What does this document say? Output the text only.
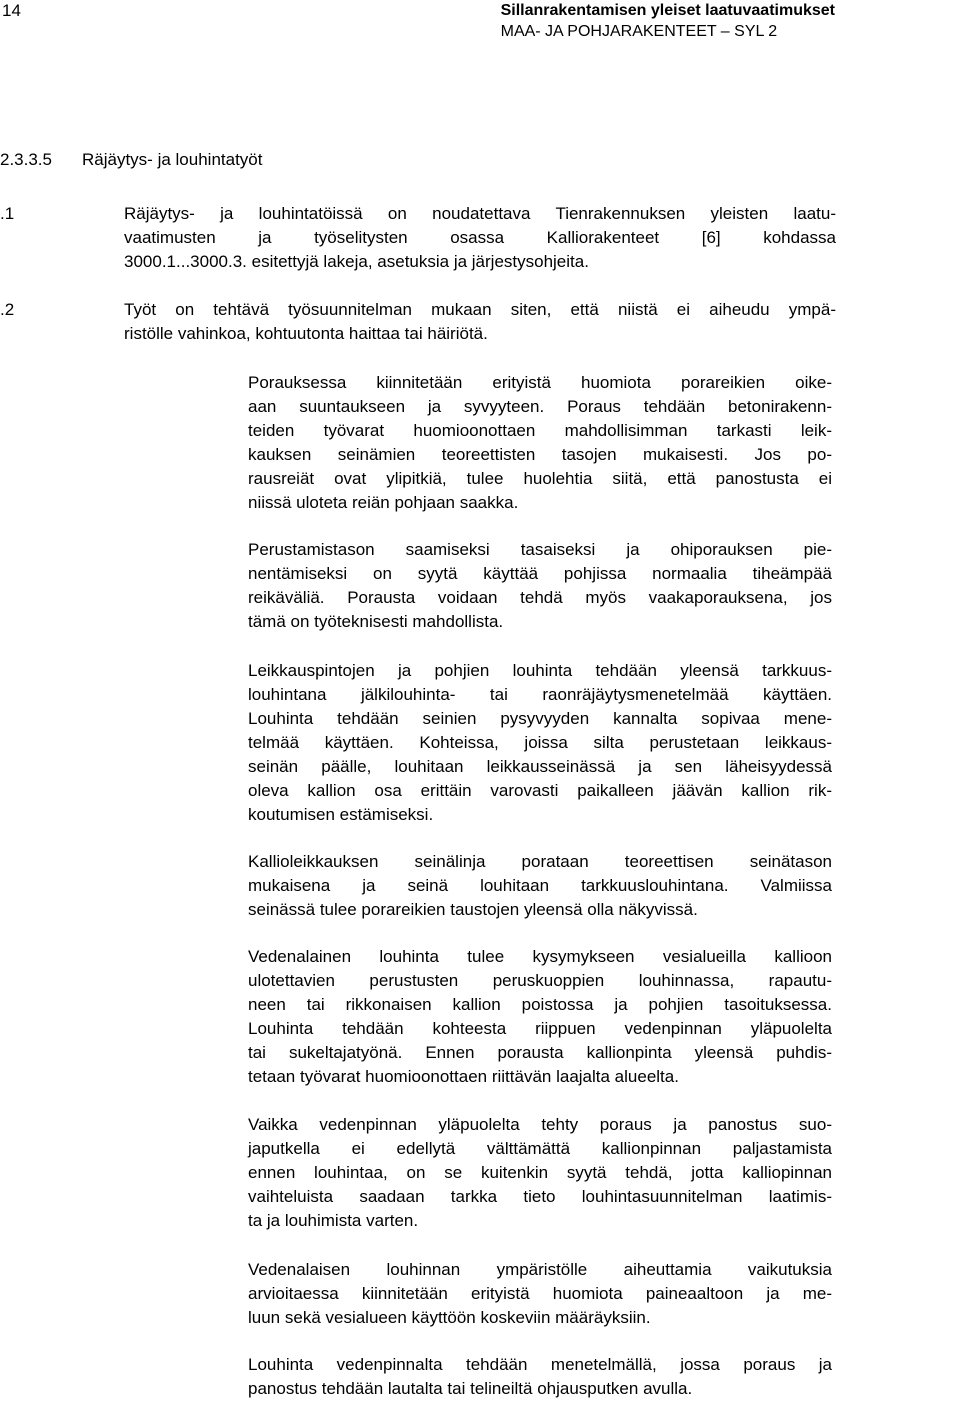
14	Sillanrakentamisen yleiset laatuvaatimukset
MAA- JA POHJARAKENTEET – SYL 2
2.3.3.5 Räjäytys- ja louhintatyöt
.1	Räjäytys- ja louhintatöissä on noudatettava Tienrakennuksen yleisten laatu-
vaatimusten ja työselitysten osassa Kalliorakenteet [6] kohdassa
3000.1...3000.3. esitettyjä lakeja, asetuksia ja järjestysohjeita.
.2	Työt on tehtävä työsuunnitelman mukaan siten, että niistä ei aiheudu ympä-
ristölle vahinkoa, kohtuutonta haittaa tai häiriötä.
Porauksessa kiinnitetään erityistä huomiota porareikien oike-
aan suuntaukseen ja syvyyteen. Poraus tehdään betonirakenn-
teiden työvarat huomioonottaen mahdollisimman tarkasti leik-
kauksen seinämien teoreettisten tasojen mukaisesti. Jos po-
rausreiät ovat ylipitkiä, tulee huolehtia siitä, että panostusta ei
niissä uloteta reiän pohjaan saakka.
Perustamistason saamiseksi tasaiseksi ja ohiporauksen pie-
nentämiseksi on syytä käyttää pohjissa normaalia tiheämpää
reikäväliä. Porausta voidaan tehdä myös vaakaporauksena, jos
tämä on työteknisesti mahdollista.
Leikkauspintojen ja pohjien louhinta tehdään yleensä tarkkuus-
louhintana jälkilouhinta- tai raonräjäytysmenetelmää käyttäen.
Louhinta tehdään seinien pysyvyyden kannalta sopivaa mene-
telmää käyttäen. Kohteissa, joissa silta perustetaan leikkaus-
seinän päälle, louhitaan leikkausseinässä ja sen läheisyydessä
oleva kallion osa erittäin varovasti paikalleen jäävän kallion rik-
koutumisen estämiseksi.
Kallioleikkauksen seinälinja porataan teoreettisen seinätason
mukaisena ja seinä louhitaan tarkkuuslouhintana. Valmiissa
seinässä tulee porareikien taustojen yleensä olla näkyvissä.
Vedenalainen louhinta tulee kysymykseen vesialueilla kallioon
ulotettavien perustusten peruskuoppien louhinnassa, rapautu-
neen tai rikkonaisen kallion poistossa ja pohjien tasoituksessa.
Louhinta tehdään kohteesta riippuen vedenpinnan yläpuolelta
tai sukeltajatyönä. Ennen porausta kallionpinta yleensä puhdis-
tetaan työvarat huomioonottaen riittävän laajalta alueelta.
Vaikka vedenpinnan yläpuolelta tehty poraus ja panostus suo-
japutkella ei edellytä välttämättä kallionpinnan paljastamista
ennen louhintaa, on se kuitenkin syytä tehdä, jotta kalliopinnan
vaihteluista saadaan tarkka tieto louhintasuunnitelman laatimis-
ta ja louhimista varten.
Vedenalaisen louhinnan ympäristölle aiheuttamia vaikutuksia
arvioitaessa kiinnitetään erityistä huomiota paineaaltoon ja me-
luun sekä vesialueen käyttöön koskeviin määräyksiin.
Louhinta vedenpinnalta tehdään menetelmällä, jossa poraus ja
panostus tehdään lautalta tai telineiltä ohjausputken avulla.
